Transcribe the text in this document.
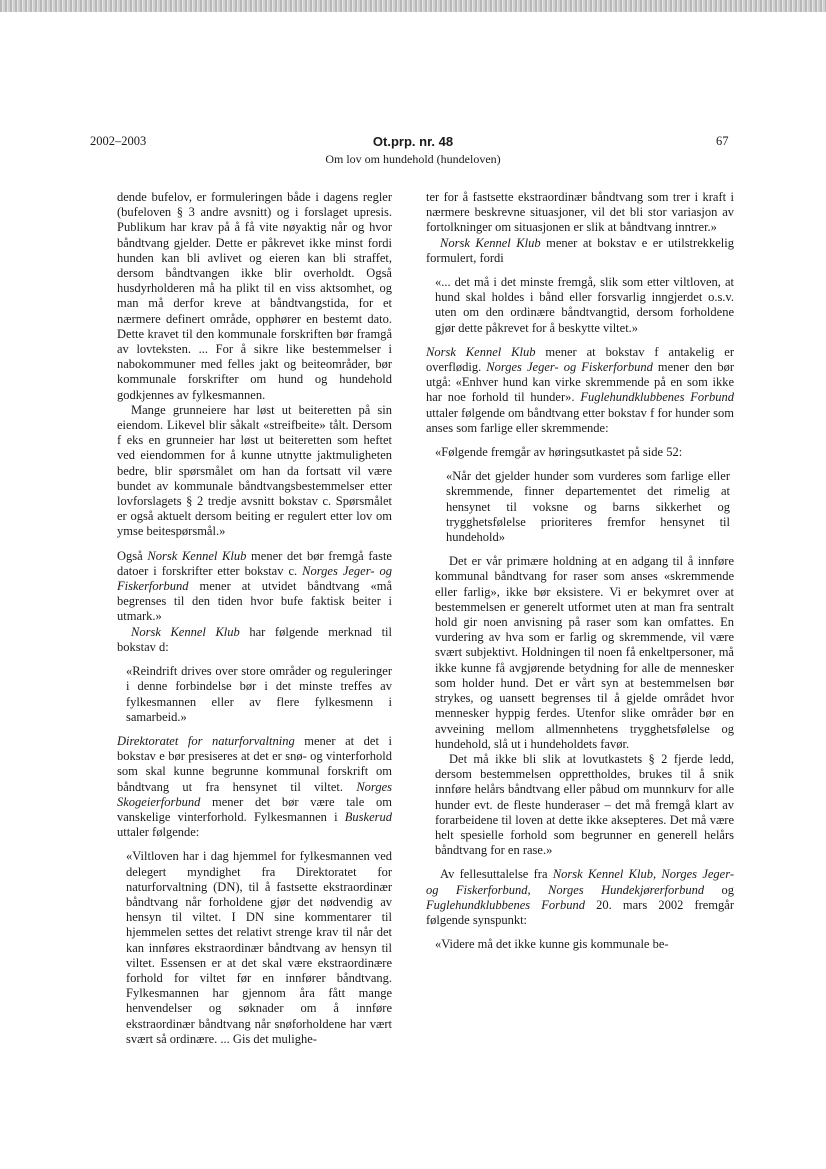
2002–2003	Ot.prp. nr. 48
Om lov om hundehold (hundeloven)
67

dende bufelov, er formuleringen både i dagens regler (bufeloven § 3 andre avsnitt) og i forslaget upresis. Publikum har krav på å få vite nøyaktig når og hvor båndtvang gjelder. Dette er påkrevet ikke minst fordi hunden kan bli avlivet og eieren kan bli straffet, dersom båndtvangen ikke blir overholdt. Også husdyrholderen må ha plikt til en viss aktsomhet, og man må derfor kreve at båndtvangstida, for et nærmere definert område, opphører en bestemt dato. Dette kravet til den kommunale forskriften bør framgå av lovteksten. ... For å sikre like bestemmelser i nabokommuner med felles jakt og beiteområder, bør kommunale forskrifter om hund og hundehold godkjennes av fylkesmannen.

Mange grunneiere har løst ut beiteretten på sin eiendom. Likevel blir såkalt «streifbeite» tålt. Dersom f eks en grunneier har løst ut beiteretten som heftet ved eiendommen for å kunne utnytte jaktmuligheten bedre, blir spørsmålet om han da fortsatt vil være bundet av kommunale båndtvangsbestemmelser etter lovforslagets § 2 tredje avsnitt bokstav c. Spørsmålet er også aktuelt dersom beiting er regulert etter lov om ymse beitespørsmål.»

Også Norsk Kennel Klub mener det bør fremgå faste datoer i forskrifter etter bokstav c. Norges Jeger- og Fiskerforbund mener at utvidet båndtvang «må begrenses til den tiden hvor bufe faktisk beiter i utmark.»

Norsk Kennel Klub har følgende merknad til bokstav d:

«Reindrift drives over store områder og reguleringer i denne forbindelse bør i det minste treffes av fylkesmannen eller av flere fylkesmenn i samarbeid.»

Direktoratet for naturforvaltning mener at det i bokstav e bør presiseres at det er snø- og vinterforhold som skal kunne begrunne kommunal forskrift om båndtvang ut fra hensynet til viltet. Norges Skogeierforbund mener det bør være tale om vanskelige vinterforhold. Fylkesmannen i Buskerud uttaler følgende:

«Viltloven har i dag hjemmel for fylkesmannen ved delegert myndighet fra Direktoratet for naturforvaltning (DN), til å fastsette ekstraordinær båndtvang når forholdene gjør det nødvendig av hensyn til viltet. I DN sine kommentarer til hjemmelen settes det relativt strenge krav til når det kan innføres ekstraordinær båndtvang av hensyn til viltet. Essensen er at det skal være ekstraordinære forhold for viltet før en innfører båndtvang. Fylkesmannen har gjennom åra fått mange henvendelser og søknader om å innføre ekstraordinær båndtvang når snøforholdene har vært svært så ordinære. ... Gis det mulighe-

ter for å fastsette ekstraordinær båndtvang som trer i kraft i nærmere beskrevne situasjoner, vil det bli stor variasjon av fortolkninger om situasjonen er slik at båndtvang inntrer.»

Norsk Kennel Klub mener at bokstav e er utilstrekkelig formulert, fordi

«... det må i det minste fremgå, slik som etter viltloven, at hund skal holdes i bånd eller forsvarlig inngjerdet o.s.v. uten om den ordinære båndtvangtid, dersom forholdene gjør dette påkrevet for å beskytte viltet.»

Norsk Kennel Klub mener at bokstav f antakelig er overflødig. Norges Jeger- og Fiskerforbund mener den bør utgå: «Enhver hund kan virke skremmende på en som ikke har noe forhold til hunder». Fuglehundklubbenes Forbund uttaler følgende om båndtvang etter bokstav f for hunder som anses som farlige eller skremmende:

«Følgende fremgår av høringsutkastet på side 52:

«Når det gjelder hunder som vurderes som farlige eller skremmende, finner departementet det rimelig at hensynet til voksne og barns sikkerhet og trygghetsfølelse prioriteres fremfor hensynet til hundehold»

Det er vår primære holdning at en adgang til å innføre kommunal båndtvang for raser som anses «skremmende eller farlig», ikke bør eksistere. Vi er bekymret over at bestemmelsen er generelt utformet uten at man fra sentralt hold gir noen anvisning på raser som kan omfattes. En vurdering av hva som er farlig og skremmende, vil være svært subjektivt. Holdningen til noen få enkeltpersoner, må ikke kunne få avgjørende betydning for alle de mennesker som holder hund. Det er vårt syn at bestemmelsen bør strykes, og uansett begrenses til å gjelde området hvor mennesker hyppig ferdes. Utenfor slike områder bør en avveining mellom allmennhetens trygghetsfølelse og hundehold, slå ut i hundeholdets favør.

Det må ikke bli slik at lovutkastets § 2 fjerde ledd, dersom bestemmelsen opprettholdes, brukes til å snik innføre helårs båndtvang eller påbud om munnkurv for alle hunder evt. de fleste hunderaser – det må fremgå klart av forarbeidene til loven at dette ikke aksepteres. Det må være helt spesielle forhold som begrunner en generell helårs båndtvang for en rase.»

Av fellesuttalelse fra Norsk Kennel Klub, Norges Jeger- og Fiskerforbund, Norges Hundekjørerforbund og Fuglehundklubbenes Forbund 20. mars 2002 fremgår følgende synspunkt:

«Videre må det ikke kunne gis kommunale be-
